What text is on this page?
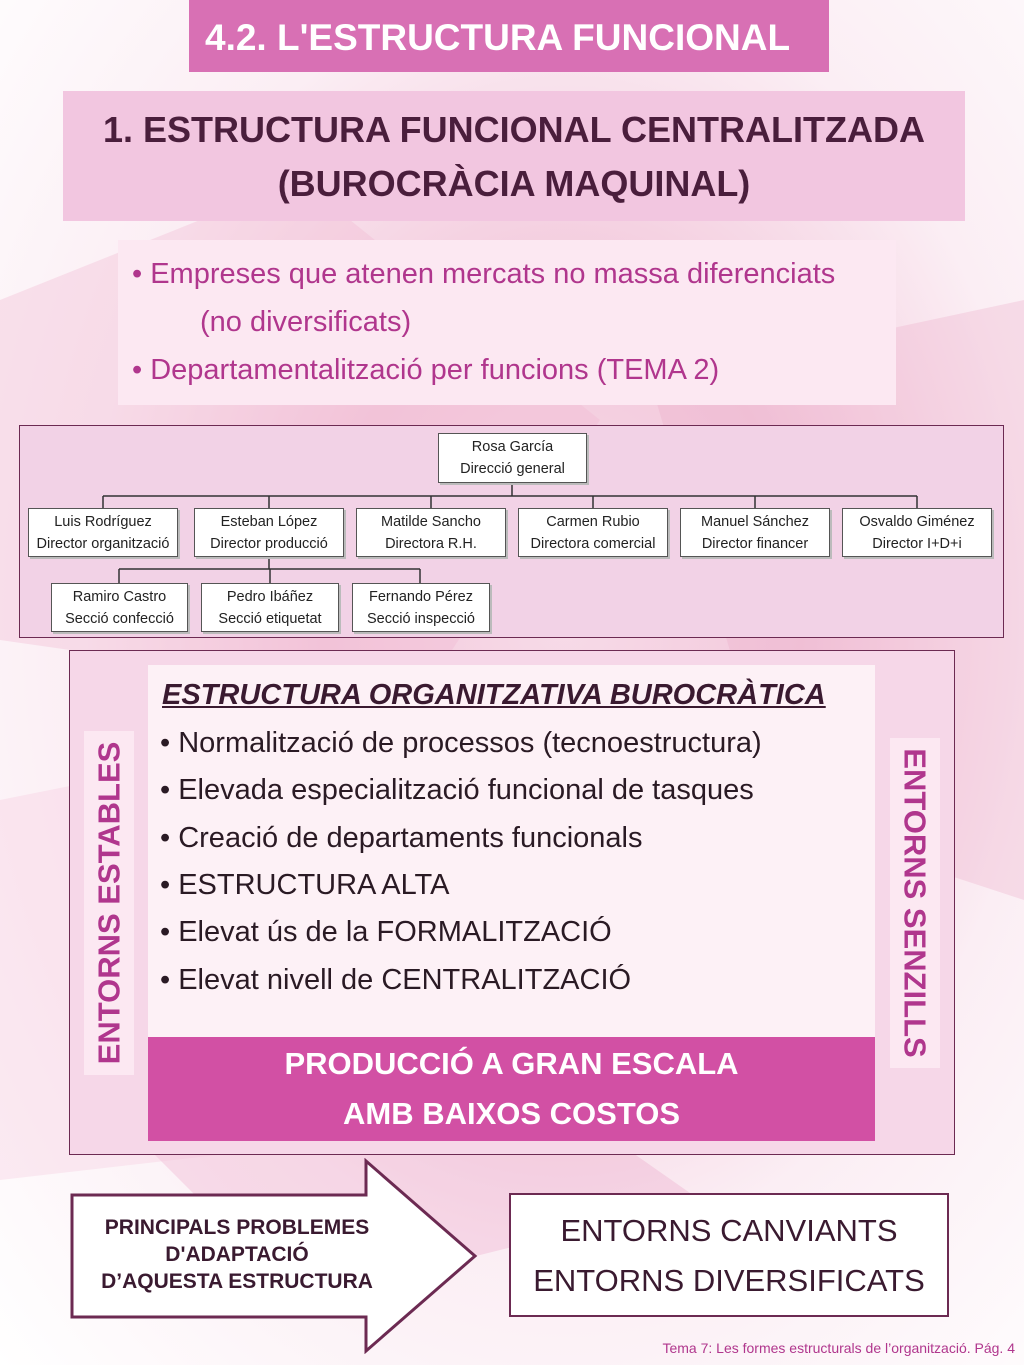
4.2. L'ESTRUCTURA FUNCIONAL
1. ESTRUCTURA FUNCIONAL CENTRALITZADA
(BUROCRÀCIA MAQUINAL)
• Empreses que atenen mercats no massa diferenciats
(no diversificats)
• Departamentalització per funcions (TEMA 2)
Rosa García
Direcció general
Luis Rodríguez
Director organització
Esteban López
Director producció
Matilde Sancho
Directora R.H.
Carmen Rubio
Directora comercial
Manuel Sánchez
Director financer
Osvaldo Giménez
Director I+D+i
Ramiro Castro
Secció confecció
Pedro Ibáñez
Secció etiquetat
Fernando Pérez
Secció inspecció
ENTORNS ESTABLES	ENTORNS SENZILLS
ESTRUCTURA ORGANITZATIVA BUROCRÀTICA
• Normalització de processos (tecnoestructura)
• Elevada especialització funcional de tasques
• Creació de departaments funcionals
• ESTRUCTURA ALTA
• Elevat ús de la FORMALITZACIÓ
• Elevat nivell de CENTRALITZACIÓ
PRODUCCIÓ A GRAN ESCALA
AMB BAIXOS COSTOS
PRINCIPALS PROBLEMES
D'ADAPTACIÓ
D’AQUESTA ESTRUCTURA
ENTORNS CANVIANTS
ENTORNS DIVERSIFICATS
Tema 7: Les formes estructurals de l’organització. Pág. 4
